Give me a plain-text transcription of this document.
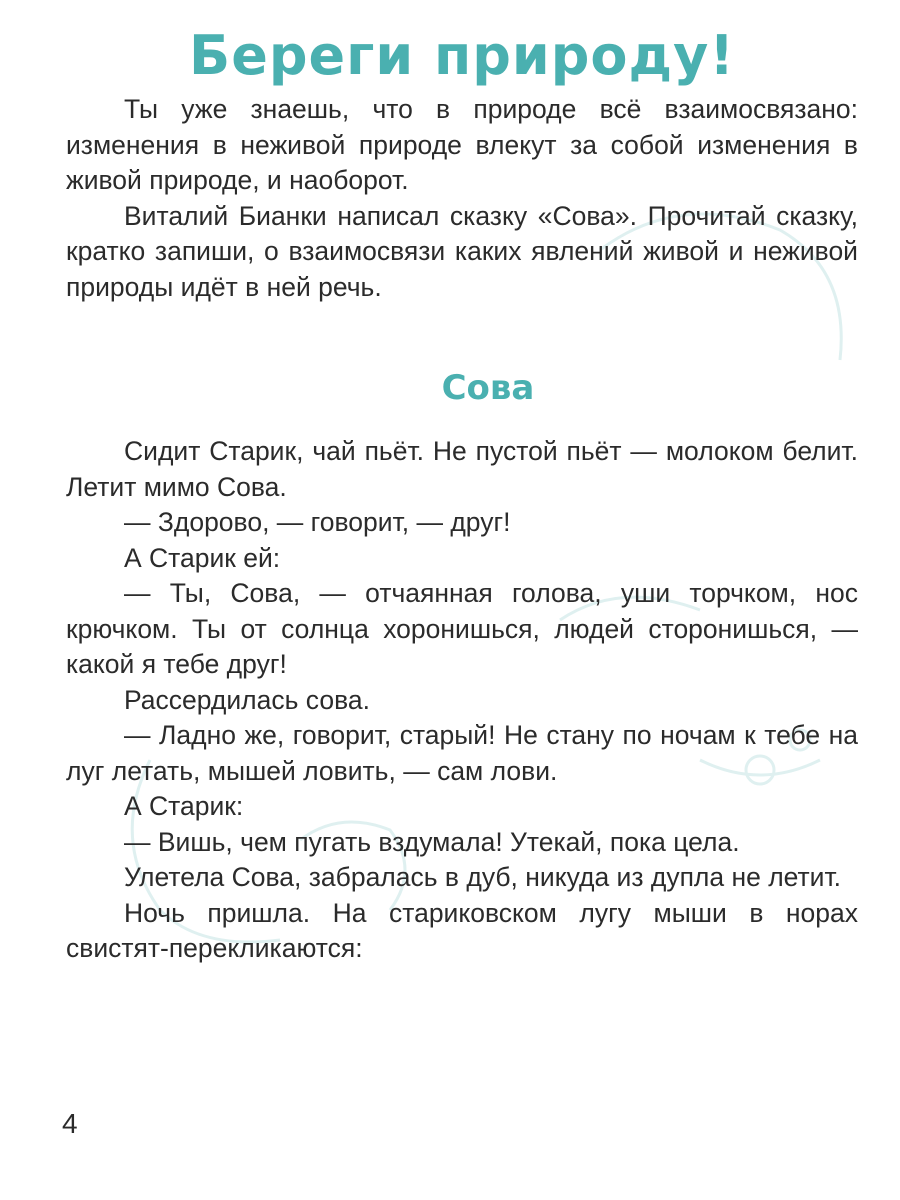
Береги природу!

Ты уже знаешь, что в природе всё взаимосвязано: изменения в неживой природе влекут за собой изменения в живой природе, и наоборот.

Виталий Бианки написал сказку «Сова». Прочитай сказку, кратко запиши, о взаимосвязи каких явлений живой и неживой природы идёт в ней речь.

Сова

Сидит Старик, чай пьёт. Не пустой пьёт — молоком белит. Летит мимо Сова.

— Здорово, — говорит, — друг!

А Старик ей:

— Ты, Сова, — отчаянная голова, уши торчком, нос крючком. Ты от солнца хоронишься, людей сторонишься, — какой я тебе друг!

Рассердилась сова.

— Ладно же, говорит, старый! Не стану по ночам к тебе на луг летать, мышей ловить, — сам лови.

А Старик:

— Вишь, чем пугать вздумала! Утекай, пока цела.

Улетела Сова, забралась в дуб, никуда из дупла не летит.

Ночь пришла. На стариковском лугу мыши в норах свистят-перекликаются:

4
